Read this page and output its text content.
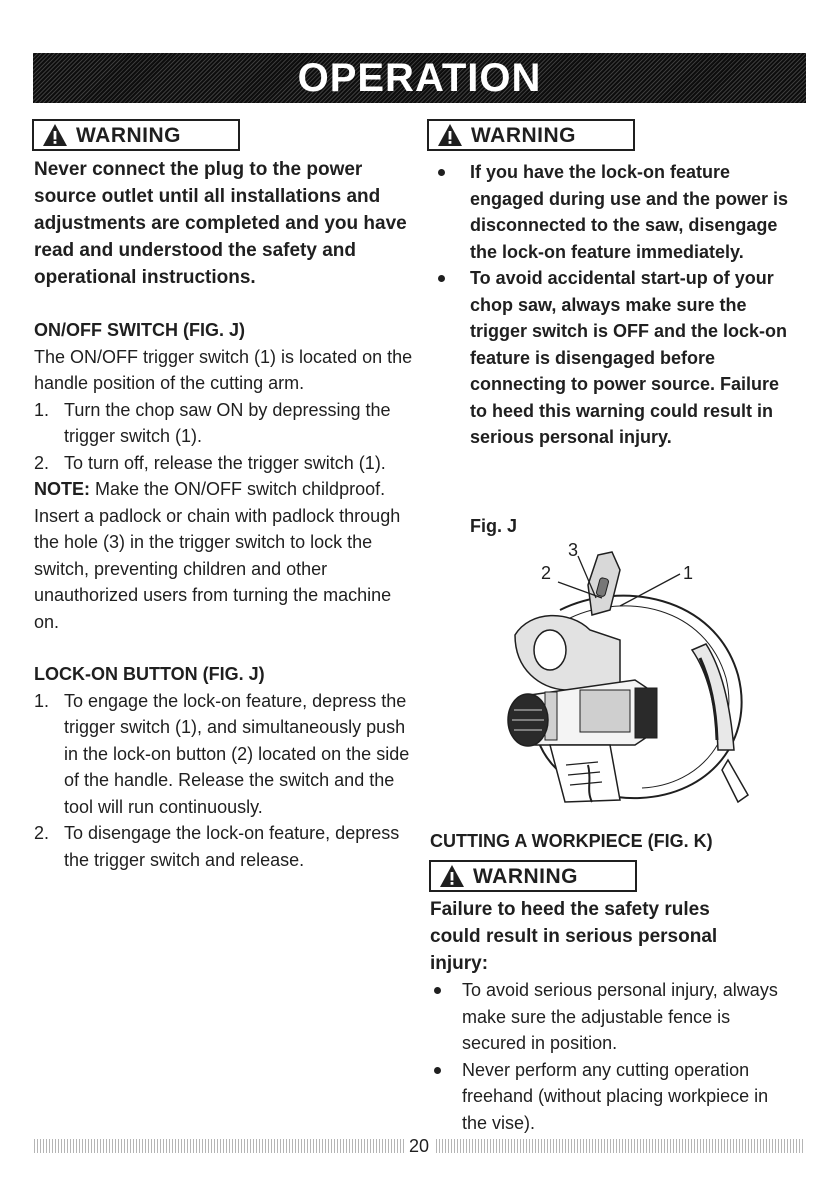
OPERATION
WARNING
Never connect the plug to the power source outlet until all installations and adjustments are completed and you have read and understood the safety and operational instructions.
ON/OFF SWITCH (FIG. J)
The ON/OFF trigger switch (1) is located on the handle position of the cutting arm.
1. Turn the chop saw ON by depressing the trigger switch (1).
2. To turn off, release the trigger switch (1).

NOTE: Make the ON/OFF switch childproof. Insert a padlock or chain with padlock through the hole (3) in the trigger switch to lock the switch, preventing children and other unauthorized users from turning the machine on.

LOCK-ON BUTTON (FIG. J)
1. To engage the lock-on feature, depress the trigger switch (1), and simultaneously push in the lock-on button (2) located on the side of the handle. Release the switch and the tool will run continuously.
2. To disengage the lock-on feature, depress the trigger switch and release.
WARNING
If you have the lock-on feature engaged during use and the power is disconnected to the saw, disengage the lock-on feature immediately.
To avoid accidental start-up of your chop saw, always make sure the trigger switch is OFF and the lock-on feature is disengaged before connecting to power source. Failure to heed this warning could result in serious personal injury.
Fig. J
3
2	1
CUTTING A WORKPIECE (FIG. K)
WARNING
Failure to heed the safety rules could result in serious personal injury:
To avoid serious personal injury, always make sure the adjustable fence is secured in position.
Never perform any cutting operation freehand (without placing workpiece in the vise).
20
